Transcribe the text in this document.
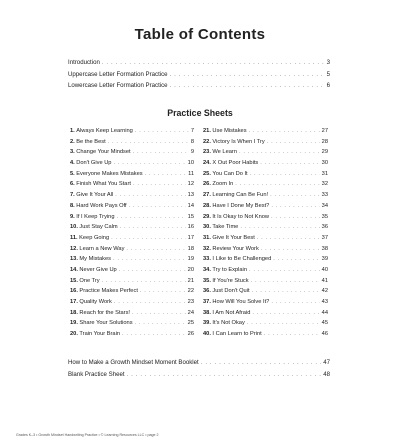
Table of Contents
Introduction . . .	3
Uppercase Letter Formation Practice . . .	5
Lowercase Letter Formation Practice . . .	6
Practice Sheets
1. Always Keep Learning . . .	7
2. Be the Best . . .	8
3. Change Your Mindset . . .	9
4. Don't Give Up . . .	10
5. Everyone Makes Mistakes . . .	11
6. Finish What You Start . . .	12
7. Give It Your All . . .	13
8. Hard Work Pays Off . . .	14
9. If I Keep Trying . . .	15
10. Just Stay Calm . . .	16
11. Keep Going . . .	17
12. Learn a New Way . . .	18
13. My Mistakes . . .	19
14. Never Give Up . . .	20
15. One Try . . .	21
16. Practice Makes Perfect . . .	22
17. Quality Work . . .	23
18. Reach for the Stars! . . .	24
19. Share Your Solutions . . .	25
20. Train Your Brain . . .	26
21. Use Mistakes . . .	27
22. Victory Is When I Try . . .	28
23. We Learn . . .	29
24. X Out Poor Habits . . .	30
25. You Can Do It . . .	31
26. Zoom In . . .	32
27. Learning Can Be Fun! . . .	33
28. Have I Done My Best? . . .	34
29. It Is Okay to Not Know . . .	35
30. Take Time . . .	36
31. Give It Your Best . . .	37
32. Review Your Work . . .	38
33. I Like to Be Challenged . . .	39
34. Try to Explain . . .	40
35. If You're Stuck . . .	41
36. Just Don't Quit . . .	42
37. How Will You Solve It? . . .	43
38. I Am Not Afraid . . .	44
39. It's Not Okay . . .	45
40. I Can Learn to Print . . .	46
How to Make a Growth Mindset Moment Booklet . . .	47
Blank Practice Sheet . . .	48
Grades K–3 • Growth Mindset Handwriting Practice • © Learning Resources LLC • page 2
